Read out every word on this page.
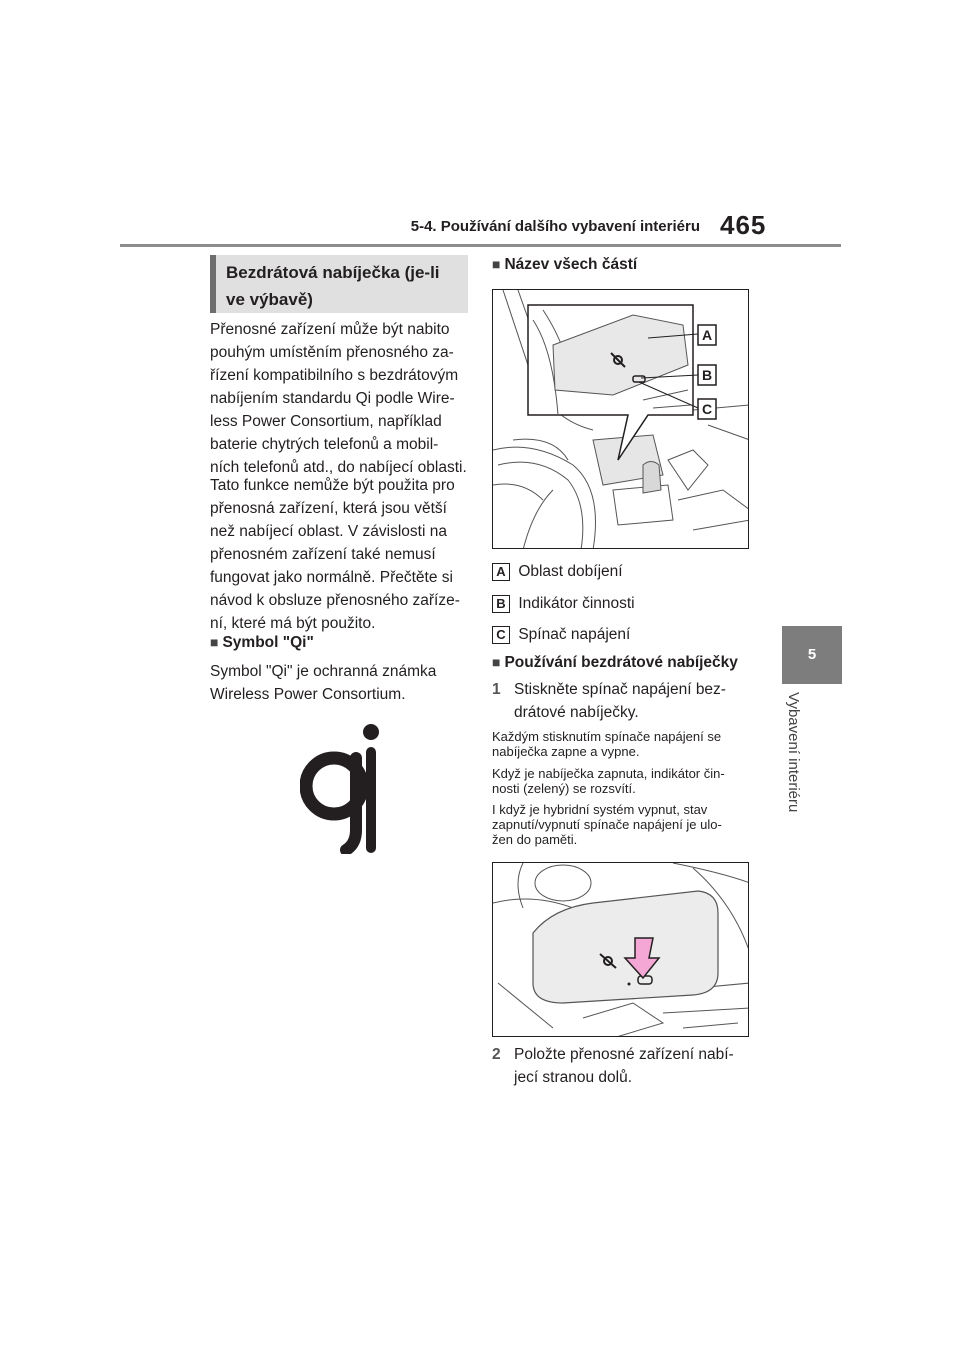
5-4. Používání dalšího vybavení interiéru 465
5
Vybavení interiéru
Bezdrátová nabíječka (je-li
ve výbavě)
Přenosné zařízení může být nabito
pouhým umístěním přenosného za-
řízení kompatibilního s bezdrátovým
nabíjením standardu Qi podle Wire-
less Power Consortium, například
baterie chytrých telefonů a mobil-
ních telefonů atd., do nabíjecí oblasti.
Tato funkce nemůže být použita pro
přenosná zařízení, která jsou větší
než nabíjecí oblast. V závislosti na
přenosném zařízení také nemusí
fungovat jako normálně. Přečtěte si
návod k obsluze přenosného zaříze-
ní, které má být použito.
■ Symbol "Qi"
Symbol "Qi" je ochranná známka
Wireless Power Consortium.
■ Název všech částí
A
B
C
A Oblast dobíjení
B Indikátor činnosti
C Spínač napájení
■ Používání bezdrátové nabíječky
1 Stiskněte spínač napájení bez-
drátové nabíječky.
Každým stisknutím spínače napájení se
nabíječka zapne a vypne.
Když je nabíječka zapnuta, indikátor čin-
nosti (zelený) se rozsvítí.
I když je hybridní systém vypnut, stav
zapnutí/vypnutí spínače napájení je ulo-
žen do paměti.
2 Položte přenosné zařízení nabí-
jecí stranou dolů.
